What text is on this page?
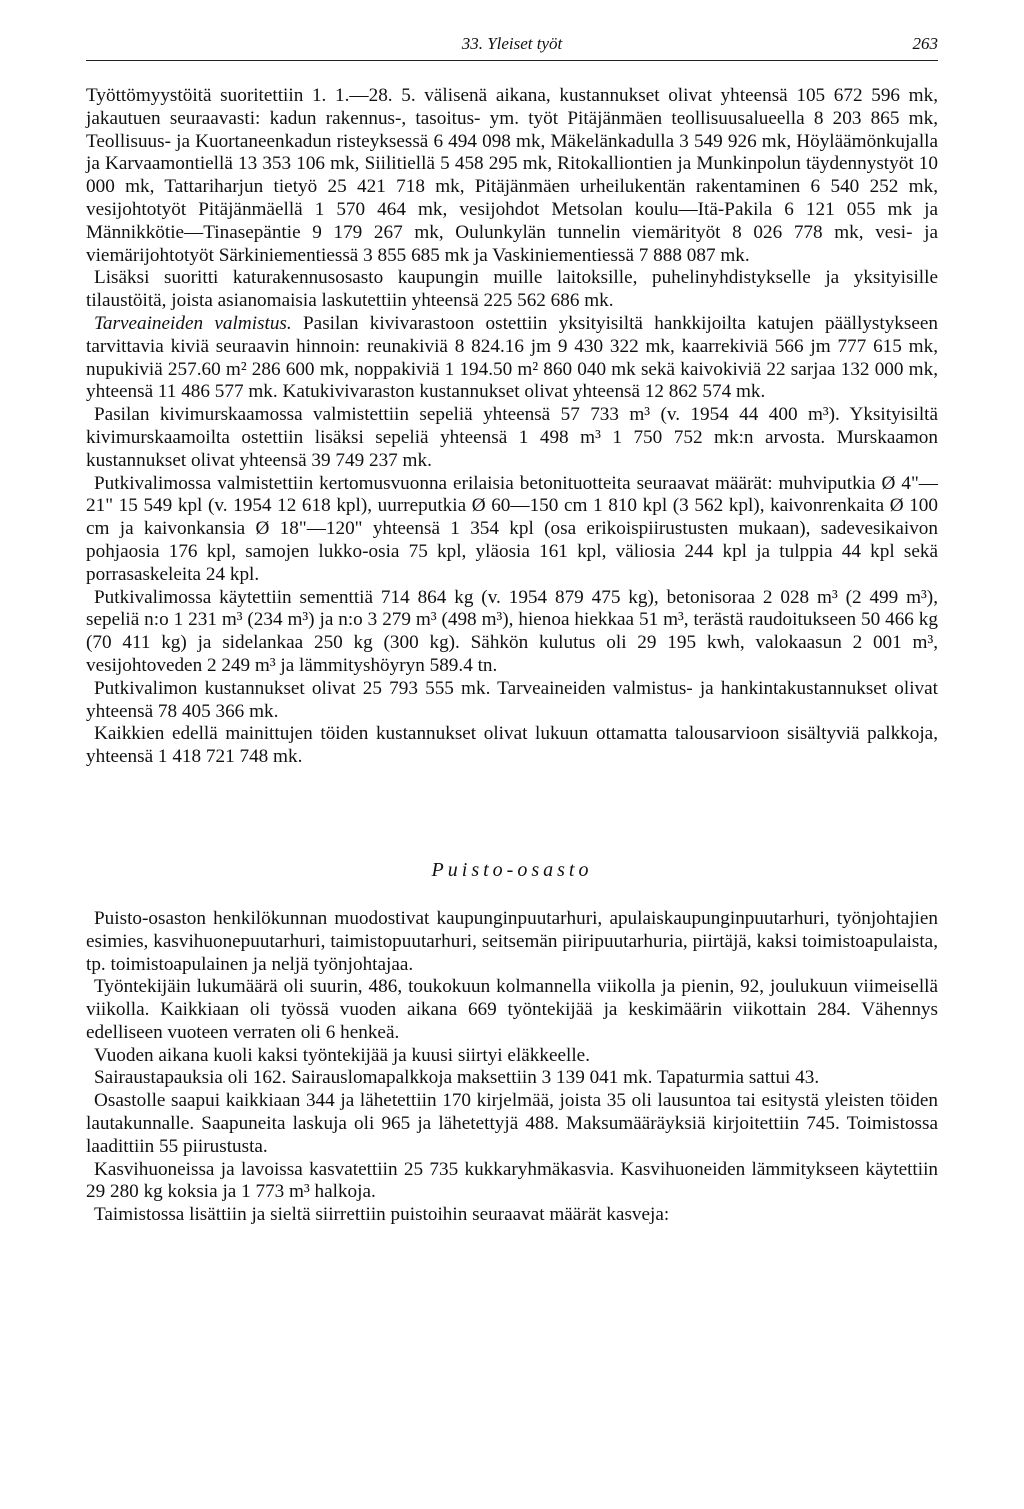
33. Yleiset työt	263

Työttömyystöitä suoritettiin 1. 1.—28. 5. välisenä aikana, kustannukset olivat yhteensä 105 672 596 mk, jakautuen seuraavasti: kadun rakennus-, tasoitus- ym. työt Pitäjänmäen teollisuusalueella 8 203 865 mk, Teollisuus- ja Kuortaneenkadun risteyksessä 6 494 098 mk, Mäkelänkadulla 3 549 926 mk, Höyläämönkujalla ja Karvaamontiellä 13 353 106 mk, Siilitiellä 5 458 295 mk, Ritokalliontien ja Munkinpolun täydennystyöt 10 000 mk, Tattariharjun tietyö 25 421 718 mk, Pitäjänmäen urheilukentän rakentaminen 6 540 252 mk, vesijohtotyöt Pitäjänmäellä 1 570 464 mk, vesijohdot Metsolan koulu—Itä-Pakila 6 121 055 mk ja Männikkötie—Tinasepäntie 9 179 267 mk, Oulunkylän tunnelin viemärityöt 8 026 778 mk, vesi- ja viemärijohtotyöt Särkiniementiessä 3 855 685 mk ja Vaskiniementiessä 7 888 087 mk.

Lisäksi suoritti katurakennusosasto kaupungin muille laitoksille, puhelinyhdistykselle ja yksityisille tilaustöitä, joista asianomaisia laskutettiin yhteensä 225 562 686 mk.

Tarveaineiden valmistus. Pasilan kivivarastoon ostettiin yksityisiltä hankkijoilta katujen päällystykseen tarvittavia kiviä seuraavin hinnoin: reunakiviä 8 824.16 jm 9 430 322 mk, kaarrekiviä 566 jm 777 615 mk, nupukiviä 257.60 m² 286 600 mk, noppakiviä 1 194.50 m² 860 040 mk sekä kaivokiviä 22 sarjaa 132 000 mk, yhteensä 11 486 577 mk. Katukivivaraston kustannukset olivat yhteensä 12 862 574 mk.

Pasilan kivimurskaamossa valmistettiin sepeliä yhteensä 57 733 m³ (v. 1954 44 400 m³). Yksityisiltä kivimurskaamoilta ostettiin lisäksi sepeliä yhteensä 1 498 m³ 1 750 752 mk:n arvosta. Murskaamon kustannukset olivat yhteensä 39 749 237 mk.

Putkivalimossa valmistettiin kertomusvuonna erilaisia betonituotteita seuraavat määrät: muhviputkia Ø 4"—21" 15 549 kpl (v. 1954 12 618 kpl), uurreputkia Ø 60—150 cm 1 810 kpl (3 562 kpl), kaivonrenkaita Ø 100 cm ja kaivonkansia Ø 18"—120" yhteensä 1 354 kpl (osa erikoispiirustusten mukaan), sadevesikaivon pohjaosia 176 kpl, samojen lukko-osia 75 kpl, yläosia 161 kpl, väliosia 244 kpl ja tulppia 44 kpl sekä porrasaskeleita 24 kpl.

Putkivalimossa käytettiin sementtiä 714 864 kg (v. 1954 879 475 kg), betonisoraa 2 028 m³ (2 499 m³), sepeliä n:o 1 231 m³ (234 m³) ja n:o 3 279 m³ (498 m³), hienoa hiekkaa 51 m³, terästä raudoitukseen 50 466 kg (70 411 kg) ja sidelankaa 250 kg (300 kg). Sähkön kulutus oli 29 195 kwh, valokaasun 2 001 m³, vesijohtoveden 2 249 m³ ja lämmityshöyryn 589.4 tn.

Putkivalimon kustannukset olivat 25 793 555 mk. Tarveaineiden valmistus- ja hankintakustannukset olivat yhteensä 78 405 366 mk.

Kaikkien edellä mainittujen töiden kustannukset olivat lukuun ottamatta talousarvioon sisältyviä palkkoja, yhteensä 1 418 721 748 mk.

Puisto-osasto

Puisto-osaston henkilökunnan muodostivat kaupunginpuutarhuri, apulaiskaupunginpuutarhuri, työnjohtajien esimies, kasvihuonepuutarhuri, taimistopuutarhuri, seitsemän piiripuutarhuria, piirtäjä, kaksi toimistoapulaista, tp. toimistoapulainen ja neljä työnjohtajaa.

Työntekijäin lukumäärä oli suurin, 486, toukokuun kolmannella viikolla ja pienin, 92, joulukuun viimeisellä viikolla. Kaikkiaan oli työssä vuoden aikana 669 työntekijää ja keskimäärin viikottain 284. Vähennys edelliseen vuoteen verraten oli 6 henkeä.

Vuoden aikana kuoli kaksi työntekijää ja kuusi siirtyi eläkkeelle.

Sairaustapauksia oli 162. Sairauslomapalkkoja maksettiin 3 139 041 mk. Tapaturmia sattui 43.

Osastolle saapui kaikkiaan 344 ja lähetettiin 170 kirjelmää, joista 35 oli lausuntoa tai esitystä yleisten töiden lautakunnalle. Saapuneita laskuja oli 965 ja lähetettyjä 488. Maksumääräyksiä kirjoitettiin 745. Toimistossa laadittiin 55 piirustusta.

Kasvihuoneissa ja lavoissa kasvatettiin 25 735 kukkaryhmäkasvia. Kasvihuoneiden lämmitykseen käytettiin 29 280 kg koksia ja 1 773 m³ halkoja.

Taimistossa lisättiin ja sieltä siirrettiin puistoihin seuraavat määrät kasveja:
